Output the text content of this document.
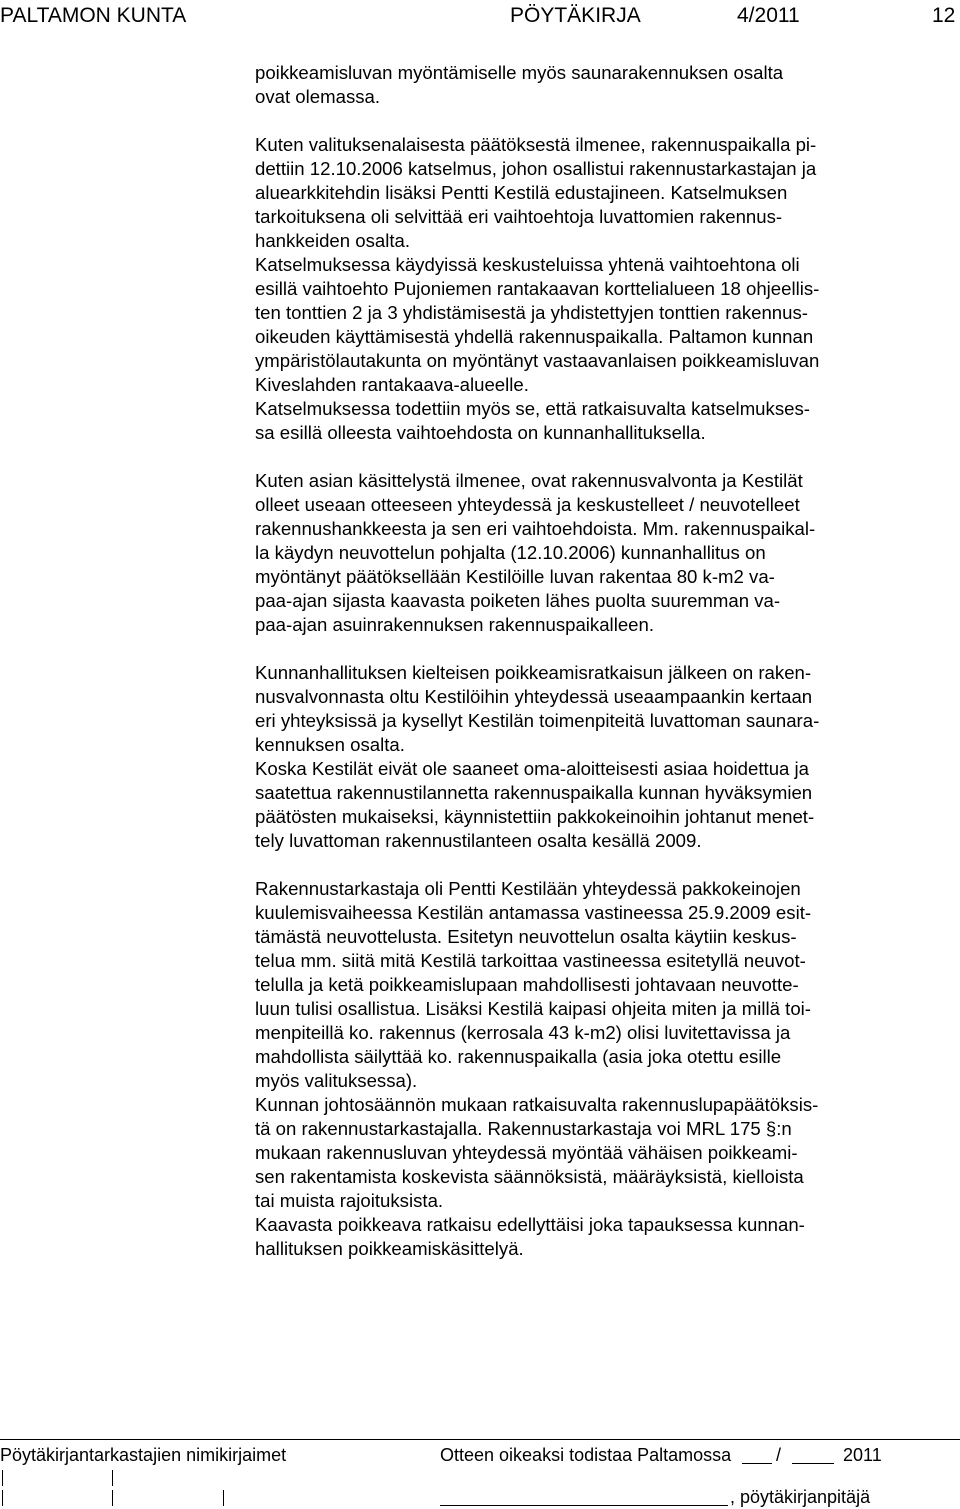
PALTAMON KUNTA	PÖYTÄKIRJA	4/2011	12

poikkeamisluvan myöntämiselle myös saunarakennuksen osalta
ovat olemassa.

Kuten valituksenalaisesta päätöksestä ilmenee, rakennuspaikalla pi-
dettiin 12.10.2006 katselmus, johon osallistui rakennustarkastajan ja
aluearkkitehdin lisäksi Pentti Kestilä edustajineen. Katselmuksen
tarkoituksena oli selvittää eri vaihtoehtoja luvattomien rakennus-
hankkeiden osalta.

Katselmuksessa käydyissä keskusteluissa yhtenä vaihtoehtona oli
esillä vaihtoehto Pujoniemen rantakaavan korttelialueen 18 ohjeellis-
ten tonttien 2 ja 3 yhdistämisestä ja yhdistettyjen tonttien rakennus-
oikeuden käyttämisestä yhdellä rakennuspaikalla. Paltamon kunnan
ympäristölautakunta on myöntänyt vastaavanlaisen poikkeamisluvan
Kiveslahden rantakaava-alueelle.

Katselmuksessa todettiin myös se, että ratkaisuvalta katselmukses-
sa esillä olleesta vaihtoehdosta on kunnanhallituksella.

Kuten asian käsittelystä ilmenee, ovat rakennusvalvonta ja Kestilät
olleet useaan otteeseen yhteydessä ja keskustelleet / neuvotelleet
rakennushankkeesta ja sen eri vaihtoehdoista. Mm. rakennuspaikal-
la käydyn neuvottelun pohjalta (12.10.2006) kunnanhallitus on
myöntänyt päätöksellään Kestilöille luvan rakentaa 80 k-m2 va-
paa-ajan sijasta kaavasta poiketen lähes puolta suuremman va-
paa-ajan asuinrakennuksen rakennuspaikalleen.

Kunnanhallituksen kielteisen poikkeamisratkaisun jälkeen on raken-
nusvalvonnasta oltu Kestilöihin yhteydessä useaampaankin kertaan
eri yhteyksissä ja kysellyt Kestilän toimenpiteitä luvattoman saunara-
kennuksen osalta.

Koska Kestilät eivät ole saaneet oma-aloitteisesti asiaa hoidettua ja
saatettua rakennustilannetta rakennuspaikalla kunnan hyväksymien
päätösten mukaiseksi, käynnistettiin pakkokeinoihin johtanut menet-
tely luvattoman rakennustilanteen osalta kesällä 2009.

Rakennustarkastaja oli Pentti Kestilään yhteydessä pakkokeinojen
kuulemisvaiheessa Kestilän antamassa vastineessa 25.9.2009 esit-
tämästä neuvottelusta. Esitetyn neuvottelun osalta käytiin keskus-
telua mm. siitä mitä Kestilä tarkoittaa vastineessa esitetyllä neuvot-
telulla ja ketä poikkeamislupaan mahdollisesti johtavaan neuvotte-
luun tulisi osallistua. Lisäksi Kestilä kaipasi ohjeita miten ja millä toi-
menpiteillä ko. rakennus (kerrosala 43 k-m2) olisi luvitettavissa ja
mahdollista säilyttää ko. rakennuspaikalla (asia joka otettu esille
myös valituksessa).

Kunnan johtosäännön mukaan ratkaisuvalta rakennuslupapäätöksis-
tä on rakennustarkastajalla. Rakennustarkastaja voi MRL 175 §:n
mukaan rakennusluvan yhteydessä myöntää vähäisen poikkeami-
sen rakentamista koskevista säännöksistä, määräyksistä, kielloista
tai muista rajoituksista.

Kaavasta poikkeava ratkaisu edellyttäisi joka tapauksessa kunnan-
hallituksen poikkeamiskäsittelyä.

Pöytäkirjantarkastajien nimikirjaimet	Otteen oikeaksi todistaa Paltamossa /	2011
, pöytäkirjanpitäjä
